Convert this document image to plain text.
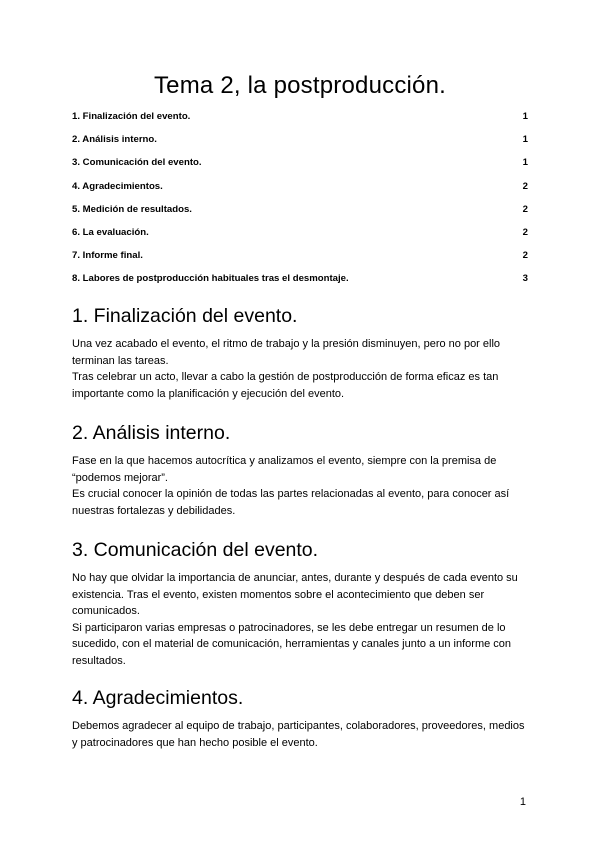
Tema 2, la postproducción.
1. Finalización del evento.	1
2. Análisis interno.	1
3. Comunicación del evento.	1
4. Agradecimientos.	2
5. Medición de resultados.	2
6. La evaluación.	2
7. Informe final.	2
8. Labores de postproducción habituales tras el desmontaje.	3
1. Finalización del evento.

Una vez acabado el evento, el ritmo de trabajo y la presión disminuyen, pero no por ello terminan las tareas.

Tras celebrar un acto, llevar a cabo la gestión de postproducción de forma eficaz es tan importante como la planificación y ejecución del evento.

2. Análisis interno.

Fase en la que hacemos autocrítica y analizamos el evento, siempre con la premisa de “podemos mejorar”.

Es crucial conocer la opinión de todas las partes relacionadas al evento, para conocer así nuestras fortalezas y debilidades.

3. Comunicación del evento.

No hay que olvidar la importancia de anunciar, antes, durante y después de cada evento su existencia. Tras el evento, existen momentos sobre el acontecimiento que deben ser comunicados.

Si participaron varias empresas o patrocinadores, se les debe entregar un resumen de lo sucedido, con el material de comunicación, herramientas y canales junto a un informe con resultados.

4. Agradecimientos.

Debemos agradecer al equipo de trabajo, participantes, colaboradores, proveedores, medios y patrocinadores que han hecho posible el evento.

1
